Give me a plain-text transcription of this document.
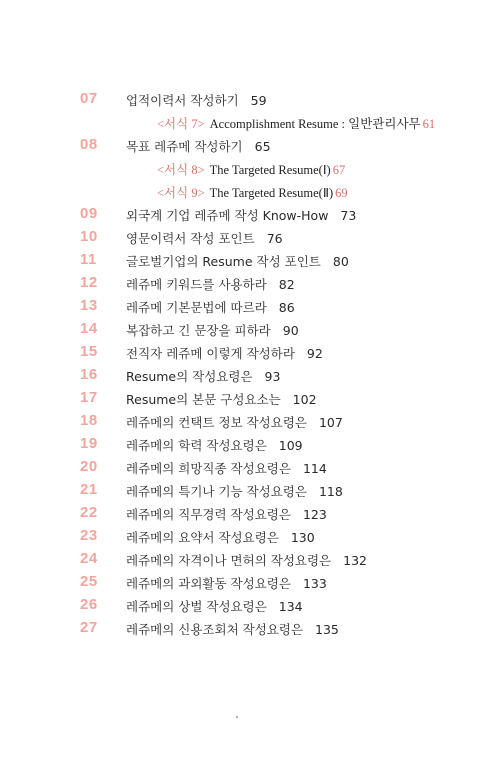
07 업적이력서 작성하기 59
<서식 7> Accomplishment Resume : 일반관리사무 61
08 목표 레쥬메 작성하기 65
<서식 8> The Targeted Resume(Ⅰ) 67
<서식 9> The Targeted Resume(Ⅱ) 69
09 외국계 기업 레쥬메 작성 Know-How 73
10 영문이력서 작성 포인트 76
11 글로벌기업의 Resume 작성 포인트 80
12 레쥬메 키워드를 사용하라 82
13 레쥬메 기본문법에 따르라 86
14 복잡하고 긴 문장을 피하라 90
15 전직자 레쥬메 이렇게 작성하라 92
16 Resume의 작성요령은 93
17 Resume의 본문 구성요소는 102
18 레쥬메의 컨택트 정보 작성요령은 107
19 레쥬메의 학력 작성요령은 109
20 레쥬메의 희망직종 작성요령은 114
21 레쥬메의 특기나 기능 작성요령은 118
22 레쥬메의 직무경력 작성요령은 123
23 레쥬메의 요약서 작성요령은 130
24 레쥬메의 자격이나 면허의 작성요령은 132
25 레쥬메의 과외활동 작성요령은 133
26 레쥬메의 상벌 작성요령은 134
27 레쥬메의 신용조회처 작성요령은 135
